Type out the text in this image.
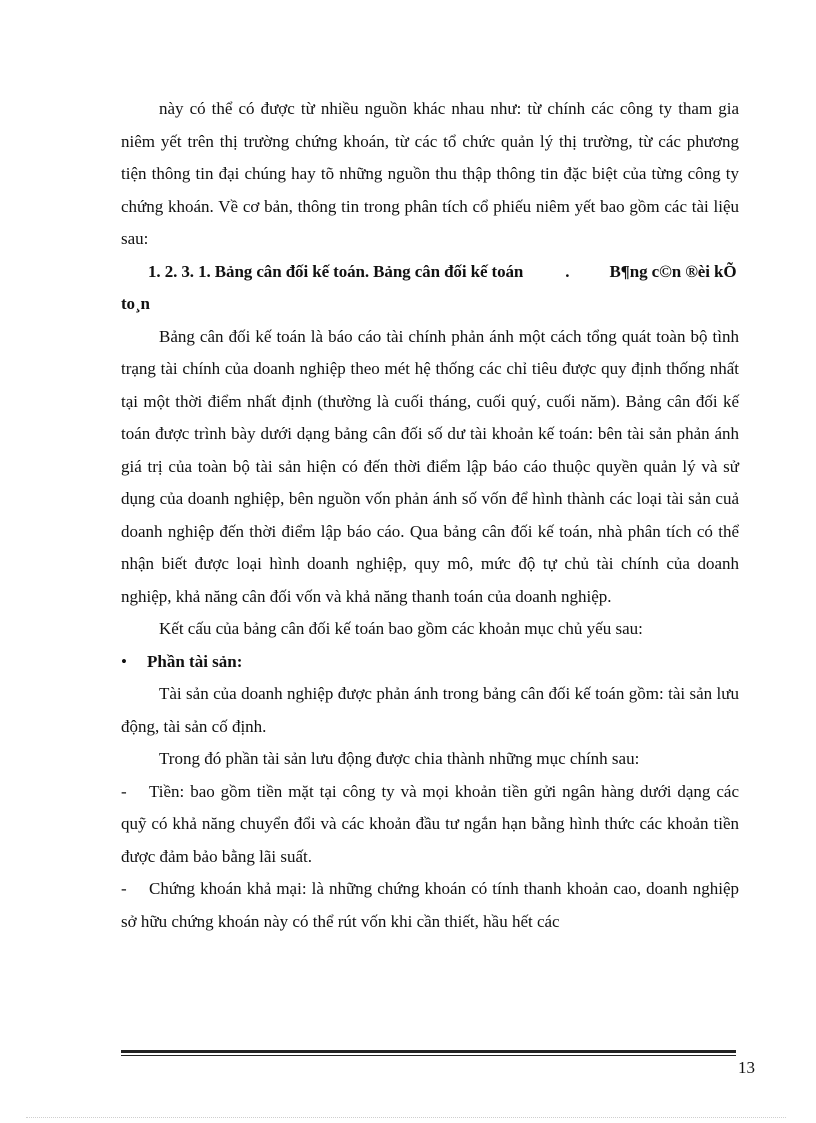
này có thể có được từ nhiều nguồn khác nhau như: từ chính các công ty tham gia niêm yết trên thị trường chứng khoán, từ các tổ chức quản lý thị trường, từ các phương tiện thông tin đại chúng hay tõ những nguồn thu thập thông tin đặc biệt của từng công ty chứng khoán. Về cơ bản, thông tin trong phân tích cổ phiếu niêm yết bao gồm các tài liệu sau:

1. 2. 3. 1. Bảng cân đối kế toán. Bảng cân đối kế toán . B¶ng c©n ®èi kÕ to¸n

Bảng cân đối kế toán là báo cáo tài chính phản ánh một cách tổng quát toàn bộ tình trạng tài chính của doanh nghiệp theo mét hệ thống các chỉ tiêu được quy định thống nhất tại một thời điểm nhất định (thường là cuối tháng, cuối quý, cuối năm). Bảng cân đối kế toán được trình bày dưới dạng bảng cân đối số dư tài khoản kế toán: bên tài sản phản ánh giá trị của toàn bộ tài sản hiện có đến thời điểm lập báo cáo thuộc quyền quản lý và sử dụng của doanh nghiệp, bên nguồn vốn phản ánh số vốn để hình thành các loại tài sản cuả doanh nghiệp đến thời điểm lập báo cáo. Qua bảng cân đối kế toán, nhà phân tích có thể nhận biết được loại hình doanh nghiệp, quy mô, mức độ tự chủ tài chính của doanh nghiệp, khả năng cân đối vốn và khả năng thanh toán của doanh nghiệp.

Kết cấu của bảng cân đối kế toán bao gồm các khoản mục chủ yếu sau:

• Phần tài sản:

Tài sản của doanh nghiệp được phản ánh trong bảng cân đối kế toán gồm: tài sản lưu động, tài sản cố định.

Trong đó phần tài sản lưu động được chia thành những mục chính sau:

- Tiền: bao gồm tiền mặt tại công ty và mọi khoản tiền gửi ngân hàng dưới dạng các quỹ có khả năng chuyển đổi và các khoản đầu tư ngắn hạn bằng hình thức các khoản tiền được đảm bảo bằng lãi suất.

- Chứng khoán khả mại: là những chứng khoán có tính thanh khoản cao, doanh nghiệp sở hữu chứng khoán này có thể rút vốn khi cần thiết, hầu hết các

13
